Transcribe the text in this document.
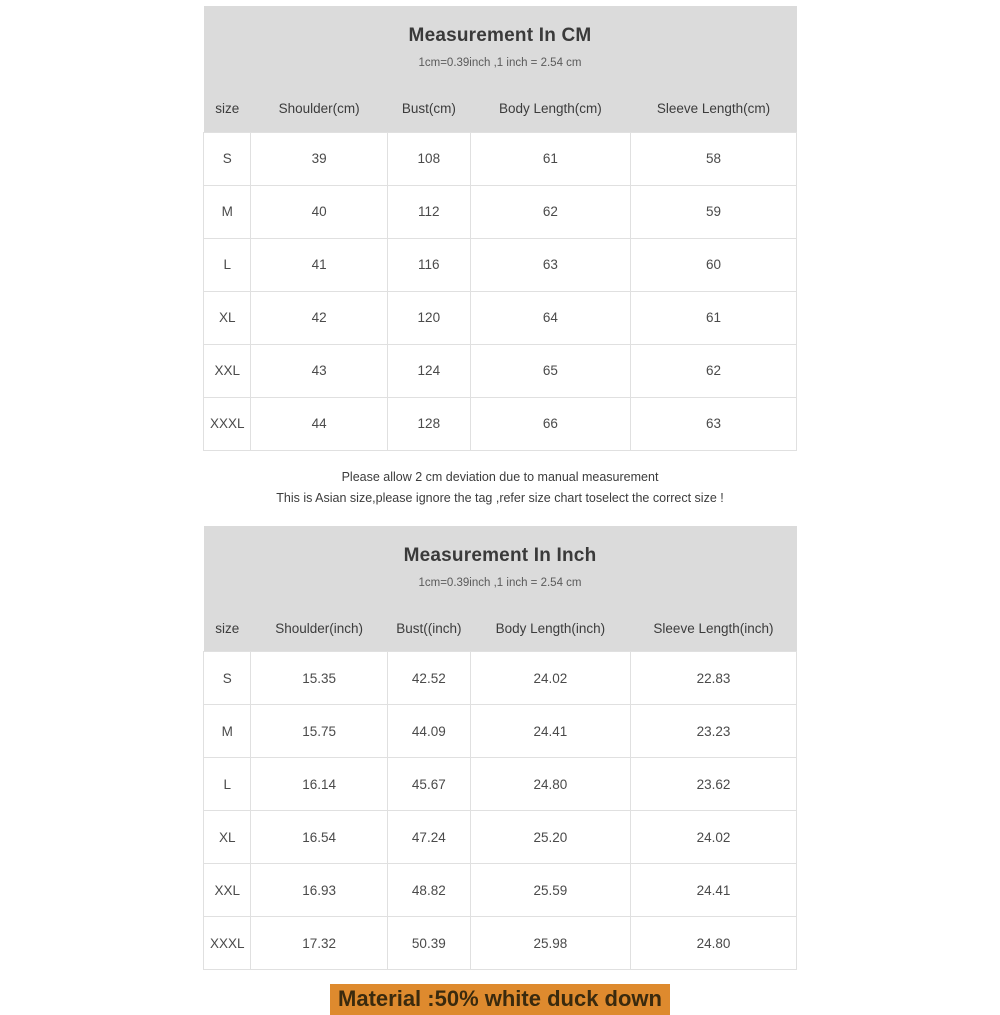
Measurement In CM
1cm=0.39inch ,1 inch = 2.54 cm				

size	Shoulder(cm)	Bust(cm)	Body Length(cm)	Sleeve Length(cm)
S	39	108	61	58
M	40	112	62	59
L	41	116	63	60
XL	42	120	64	61
XXL	43	124	65	62
XXXL	44	128	66	63
Please allow 2 cm deviation due to manual measurement
This is Asian size,please ignore the tag ,refer size chart toselect the correct size !
Measurement In Inch
1cm=0.39inch ,1 inch = 2.54 cm				

size	Shoulder(inch)	Bust((inch)	Body Length(inch)	Sleeve Length(inch)
S	15.35	42.52	24.02	22.83
M	15.75	44.09	24.41	23.23
L	16.14	45.67	24.80	23.62
XL	16.54	47.24	25.20	24.02
XXL	16.93	48.82	25.59	24.41
XXXL	17.32	50.39	25.98	24.80
Material :50% white duck down
